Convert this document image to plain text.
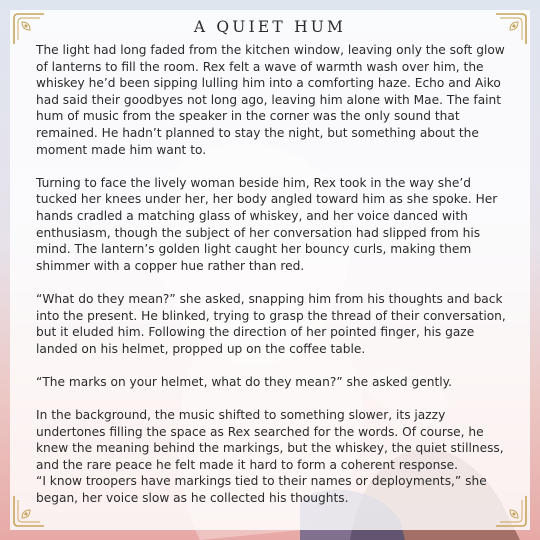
A QUIET HUM

The light had long faded from the kitchen window, leaving only the soft glow of lanterns to fill the room. Rex felt a wave of warmth wash over him, the whiskey he’d been sipping lulling him into a comforting haze. Echo and Aiko had said their goodbyes not long ago, leaving him alone with Mae. The faint hum of music from the speaker in the corner was the only sound that remained. He hadn’t planned to stay the night, but something about the moment made him want to.

Turning to face the lively woman beside him, Rex took in the way she’d tucked her knees under her, her body angled toward him as she spoke. Her hands cradled a matching glass of whiskey, and her voice danced with enthusiasm, though the subject of her conversation had slipped from his mind. The lantern’s golden light caught her bouncy curls, making them shimmer with a copper hue rather than red.

“What do they mean?” she asked, snapping him from his thoughts and back into the present. He blinked, trying to grasp the thread of their conversation, but it eluded him. Following the direction of her pointed finger, his gaze landed on his helmet, propped up on the coffee table.

“The marks on your helmet, what do they mean?” she asked gently.

In the background, the music shifted to something slower, its jazzy undertones filling the space as Rex searched for the words. Of course, he knew the meaning behind the markings, but the whiskey, the quiet stillness, and the rare peace he felt made it hard to form a coherent response.

“I know troopers have markings tied to their names or deployments,” she began, her voice slow as he collected his thoughts.
